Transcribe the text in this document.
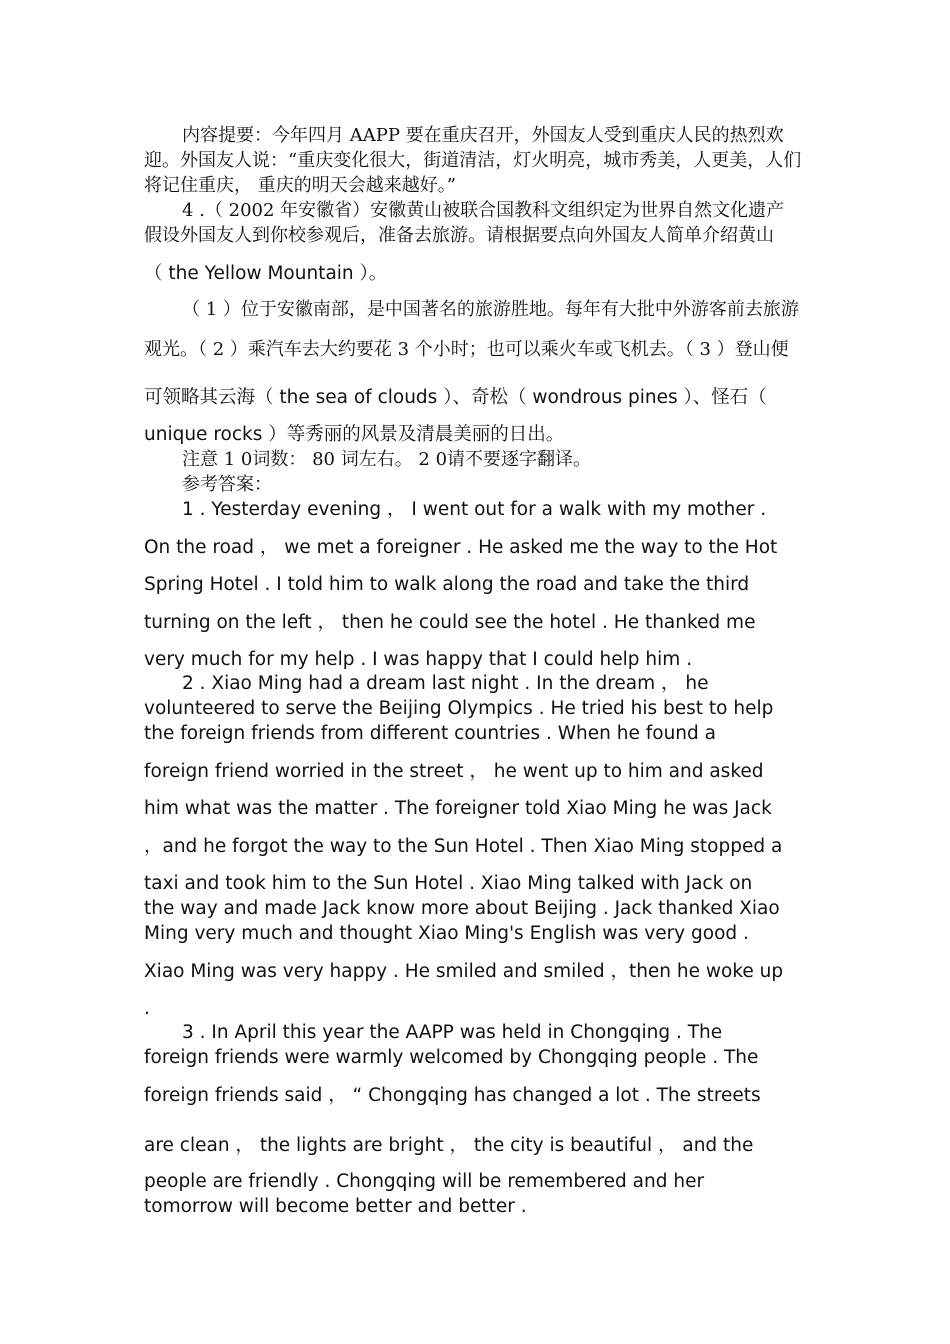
内容提要：今年四月 AAPP 要在重庆召开，外国友人受到重庆人民的热烈欢
迎。外国友人说：“重庆变化很大，街道清洁，灯火明亮，城市秀美，人更美，人们
将记住重庆， 重庆的明天会越来越好。”
4 .（ 2002 年安徽省）安徽黄山被联合国教科文组织定为世界自然文化遗产
假设外国友人到你校参观后，准备去旅游。请根据要点向外国友人简单介绍黄山
（ the Yellow Mountain ）。
（ 1 ）位于安徽南部，是中国著名的旅游胜地。每年有大批中外游客前去旅游
观光。（ 2 ）乘汽车去大约要花 3 个小时；也可以乘火车或飞机去。（ 3 ）登山便
可领略其云海（ the sea of clouds ）、奇松（ wondrous pines ）、怪石（
unique rocks ）等秀丽的风景及清晨美丽的日出。
注意 1 0词数： 80 词左右。 2 0请不要逐字翻译。
参考答案：
1 . Yesterday evening ， I went out for a walk with my mother .
On the road ， we met a foreigner . He asked me the way to the Hot
Spring Hotel . I told him to walk along the road and take the third
turning on the left ， then he could see the hotel . He thanked me
very much for my help . I was happy that I could help him .
2 . Xiao Ming had a dream last night . In the dream ， he
volunteered to serve the Beijing Olympics . He tried his best to help
the foreign friends from different countries . When he found a
foreign friend worried in the street ， he went up to him and asked
him what was the matter . The foreigner told Xiao Ming he was Jack
，and he forgot the way to the Sun Hotel . Then Xiao Ming stopped a
taxi and took him to the Sun Hotel . Xiao Ming talked with Jack on
the way and made Jack know more about Beijing . Jack thanked Xiao
Ming very much and thought Xiao Ming's English was very good .
Xiao Ming was very happy . He smiled and smiled ，then he woke up
.
3 . In April this year the AAPP was held in Chongqing . The
foreign friends were warmly welcomed by Chongqing people . The
foreign friends said ， “ Chongqing has changed a lot . The streets
are clean ， the lights are bright ， the city is beautiful ， and the
people are friendly . Chongqing will be remembered and her
tomorrow will become better and better .
